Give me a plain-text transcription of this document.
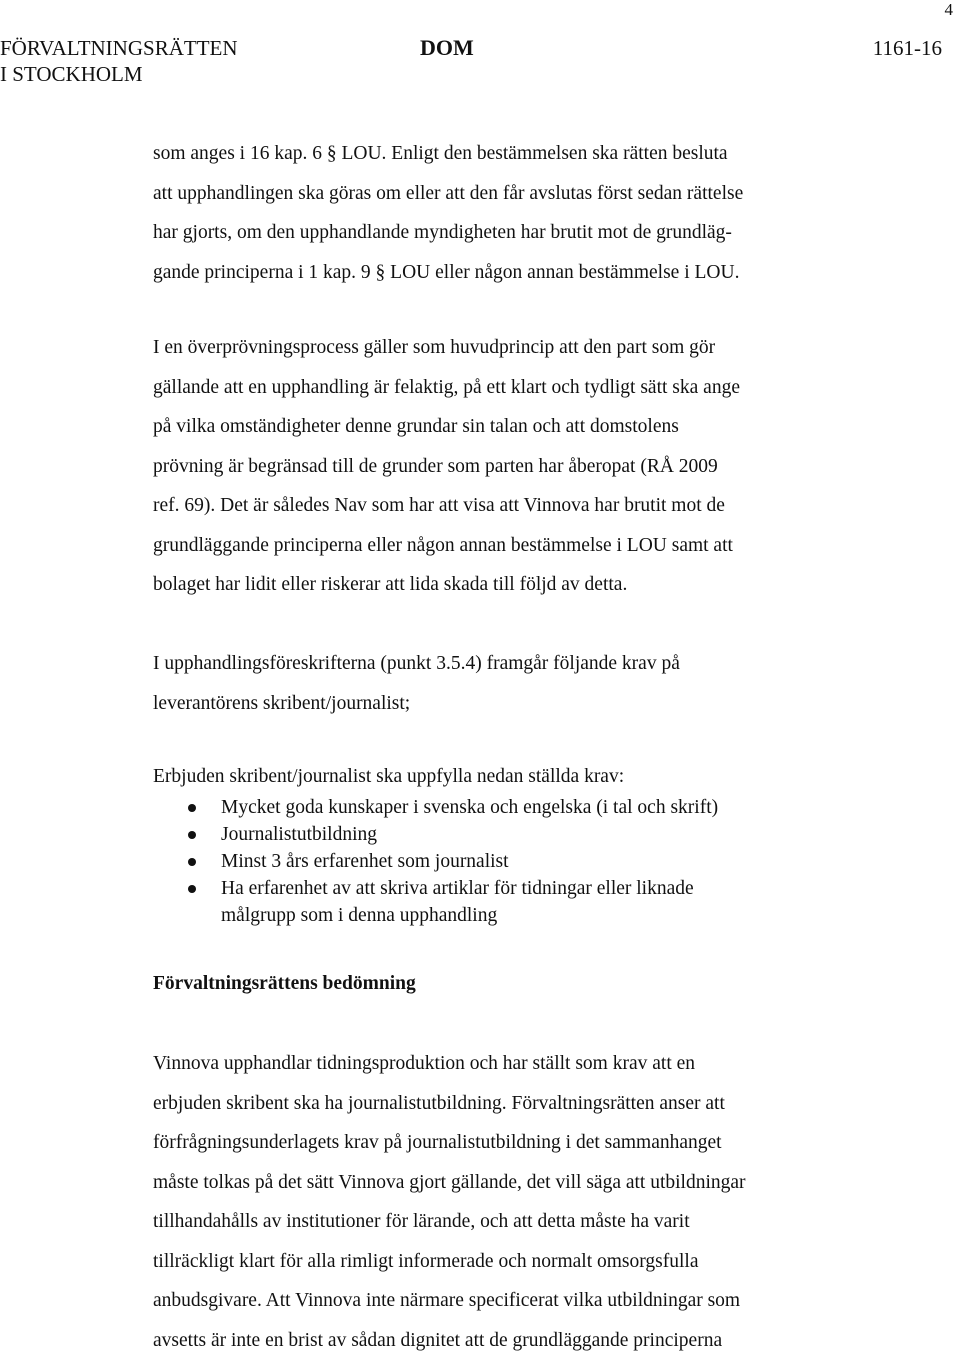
4
FÖRVALTNINGSRÄTTEN
I STOCKHOLM
DOM	1161-16

som anges i 16 kap. 6 § LOU. Enligt den bestämmelsen ska rätten besluta
att upphandlingen ska göras om eller att den får avslutas först sedan rättelse
har gjorts, om den upphandlande myndigheten har brutit mot de grundläg-
gande principerna i 1 kap. 9 § LOU eller någon annan bestämmelse i LOU.

I en överprövningsprocess gäller som huvudprincip att den part som gör
gällande att en upphandling är felaktig, på ett klart och tydligt sätt ska ange
på vilka omständigheter denne grundar sin talan och att domstolens
prövning är begränsad till de grunder som parten har åberopat (RÅ 2009
ref. 69). Det är således Nav som har att visa att Vinnova har brutit mot de
grundläggande principerna eller någon annan bestämmelse i LOU samt att
bolaget har lidit eller riskerar att lida skada till följd av detta.

I upphandlingsföreskrifterna (punkt 3.5.4) framgår följande krav på
leverantörens skribent/journalist;

Erbjuden skribent/journalist ska uppfylla nedan ställda krav:

Mycket goda kunskaper i svenska och engelska (i tal och skrift)
Journalistutbildning
Minst 3 års erfarenhet som journalist
Ha erfarenhet av att skriva artiklar för tidningar eller liknade
målgrupp som i denna upphandling
Förvaltningsrättens bedömning

Vinnova upphandlar tidningsproduktion och har ställt som krav att en
erbjuden skribent ska ha journalistutbildning. Förvaltningsrätten anser att
förfrågningsunderlagets krav på journalistutbildning i det sammanhanget
måste tolkas på det sätt Vinnova gjort gällande, det vill säga att utbildningar
tillhandahålls av institutioner för lärande, och att detta måste ha varit
tillräckligt klart för alla rimligt informerade och normalt omsorgsfulla
anbudsgivare. Att Vinnova inte närmare specificerat vilka utbildningar som
avsetts är inte en brist av sådan dignitet att de grundläggande principerna
